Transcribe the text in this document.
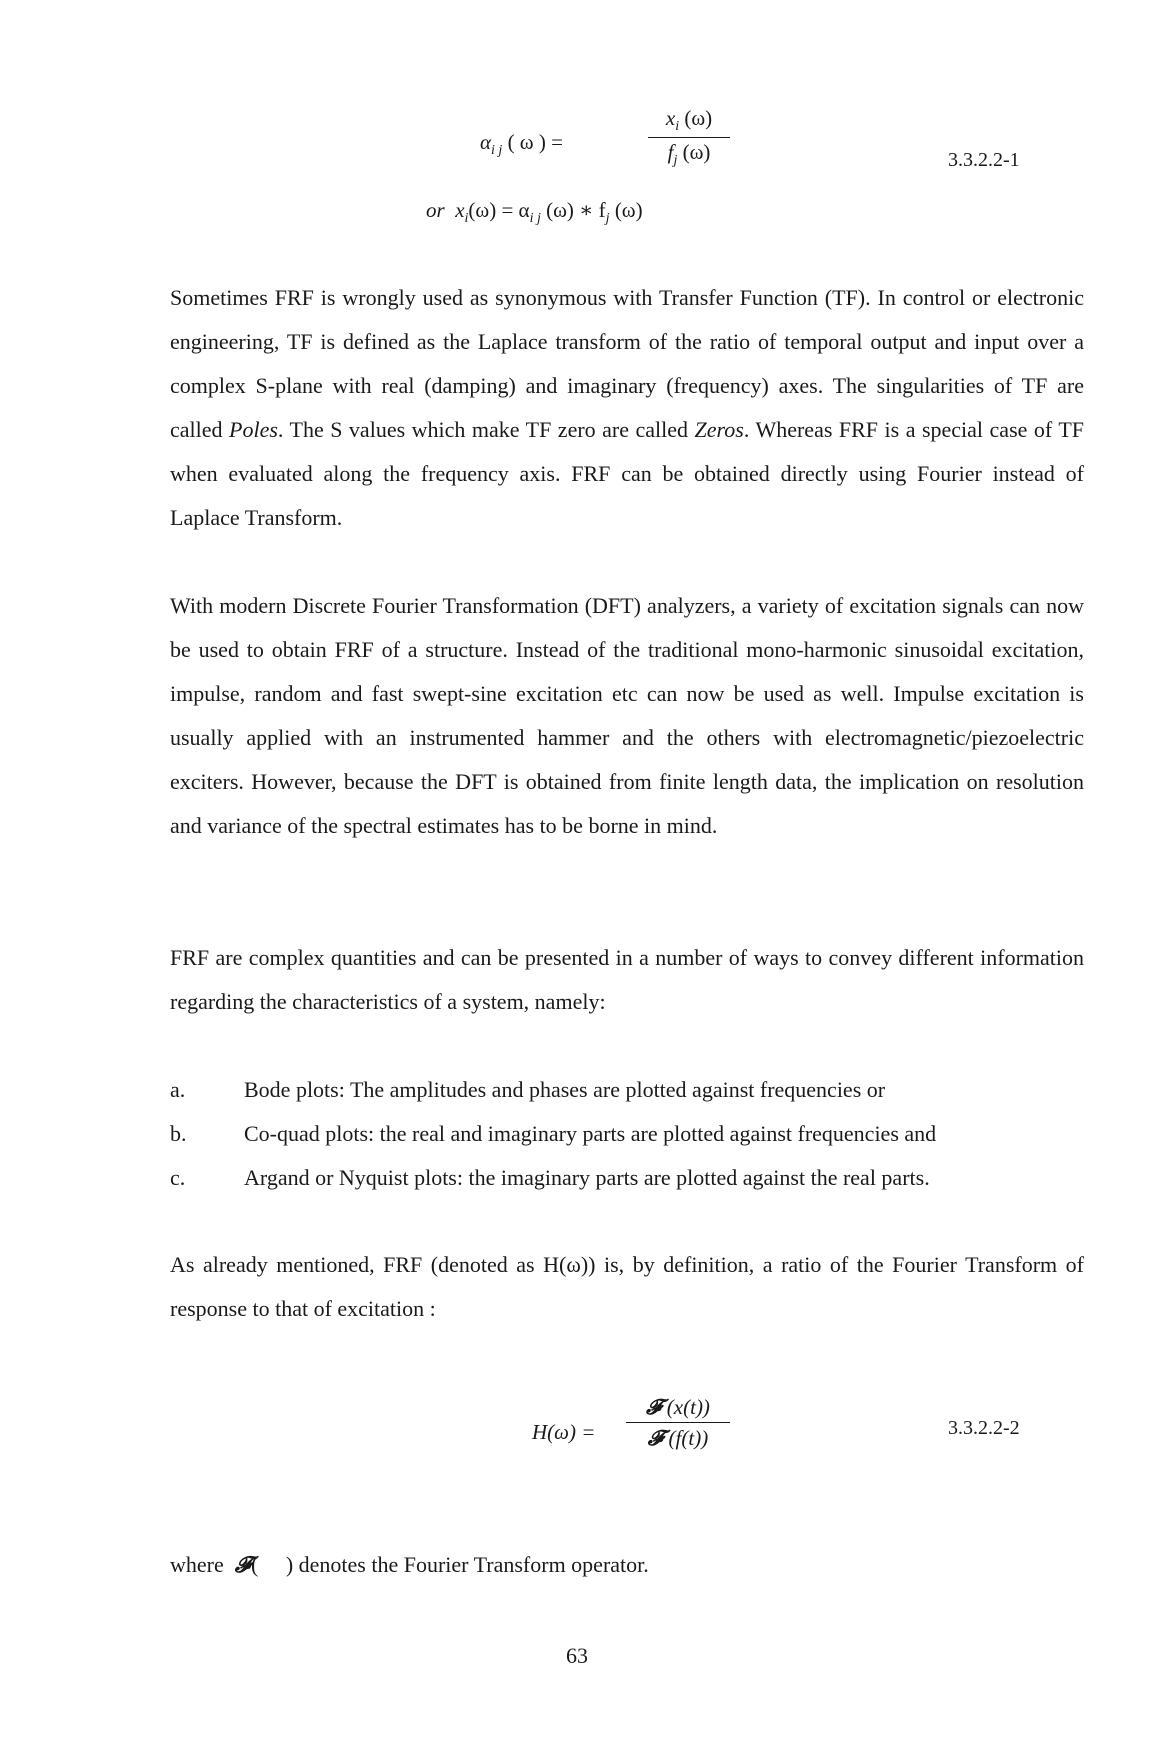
$\alpha_{i j}$ ( ω ) =
$x_i$ (ω)
$f_j$ (ω)
or $x_i(\omega) = \alpha_{i j}$ (ω) ∗ $f_j$ (ω)
3.3.2.2-1
Sometimes FRF is wrongly used as synonymous with Transfer Function (TF). In control or electronic engineering, TF is defined as the Laplace transform of the ratio of temporal output and input over a complex S-plane with real (damping) and imaginary (frequency) axes. The singularities of TF are called Poles. The S values which make TF zero are called Zeros. Whereas FRF is a special case of TF when evaluated along the frequency axis. FRF can be obtained directly using Fourier instead of Laplace Transform.
With modern Discrete Fourier Transformation (DFT) analyzers, a variety of excitation signals can now be used to obtain FRF of a structure. Instead of the traditional mono-harmonic sinusoidal excitation, impulse, random and fast swept-sine excitation etc can now be used as well. Impulse excitation is usually applied with an instrumented hammer and the others with electromagnetic/piezoelectric exciters. However, because the DFT is obtained from finite length data, the implication on resolution and variance of the spectral estimates has to be borne in mind.
FRF are complex quantities and can be presented in a number of ways to convey different information regarding the characteristics of a system, namely:
a.	Bode plots: The amplitudes and phases are plotted against frequencies or
b.	Co-quad plots: the real and imaginary parts are plotted against frequencies and
c.	Argand or Nyquist plots: the imaginary parts are plotted against the real parts.
As already mentioned, FRF (denoted as H(ω)) is, by definition, a ratio of the Fourier Transform of response to that of excitation :
H(ω) =
𝓕 (x(t))
𝓕 (f(t))	3.3.2.2-2
where 𝓕(     ) denotes the Fourier Transform operator.
63
